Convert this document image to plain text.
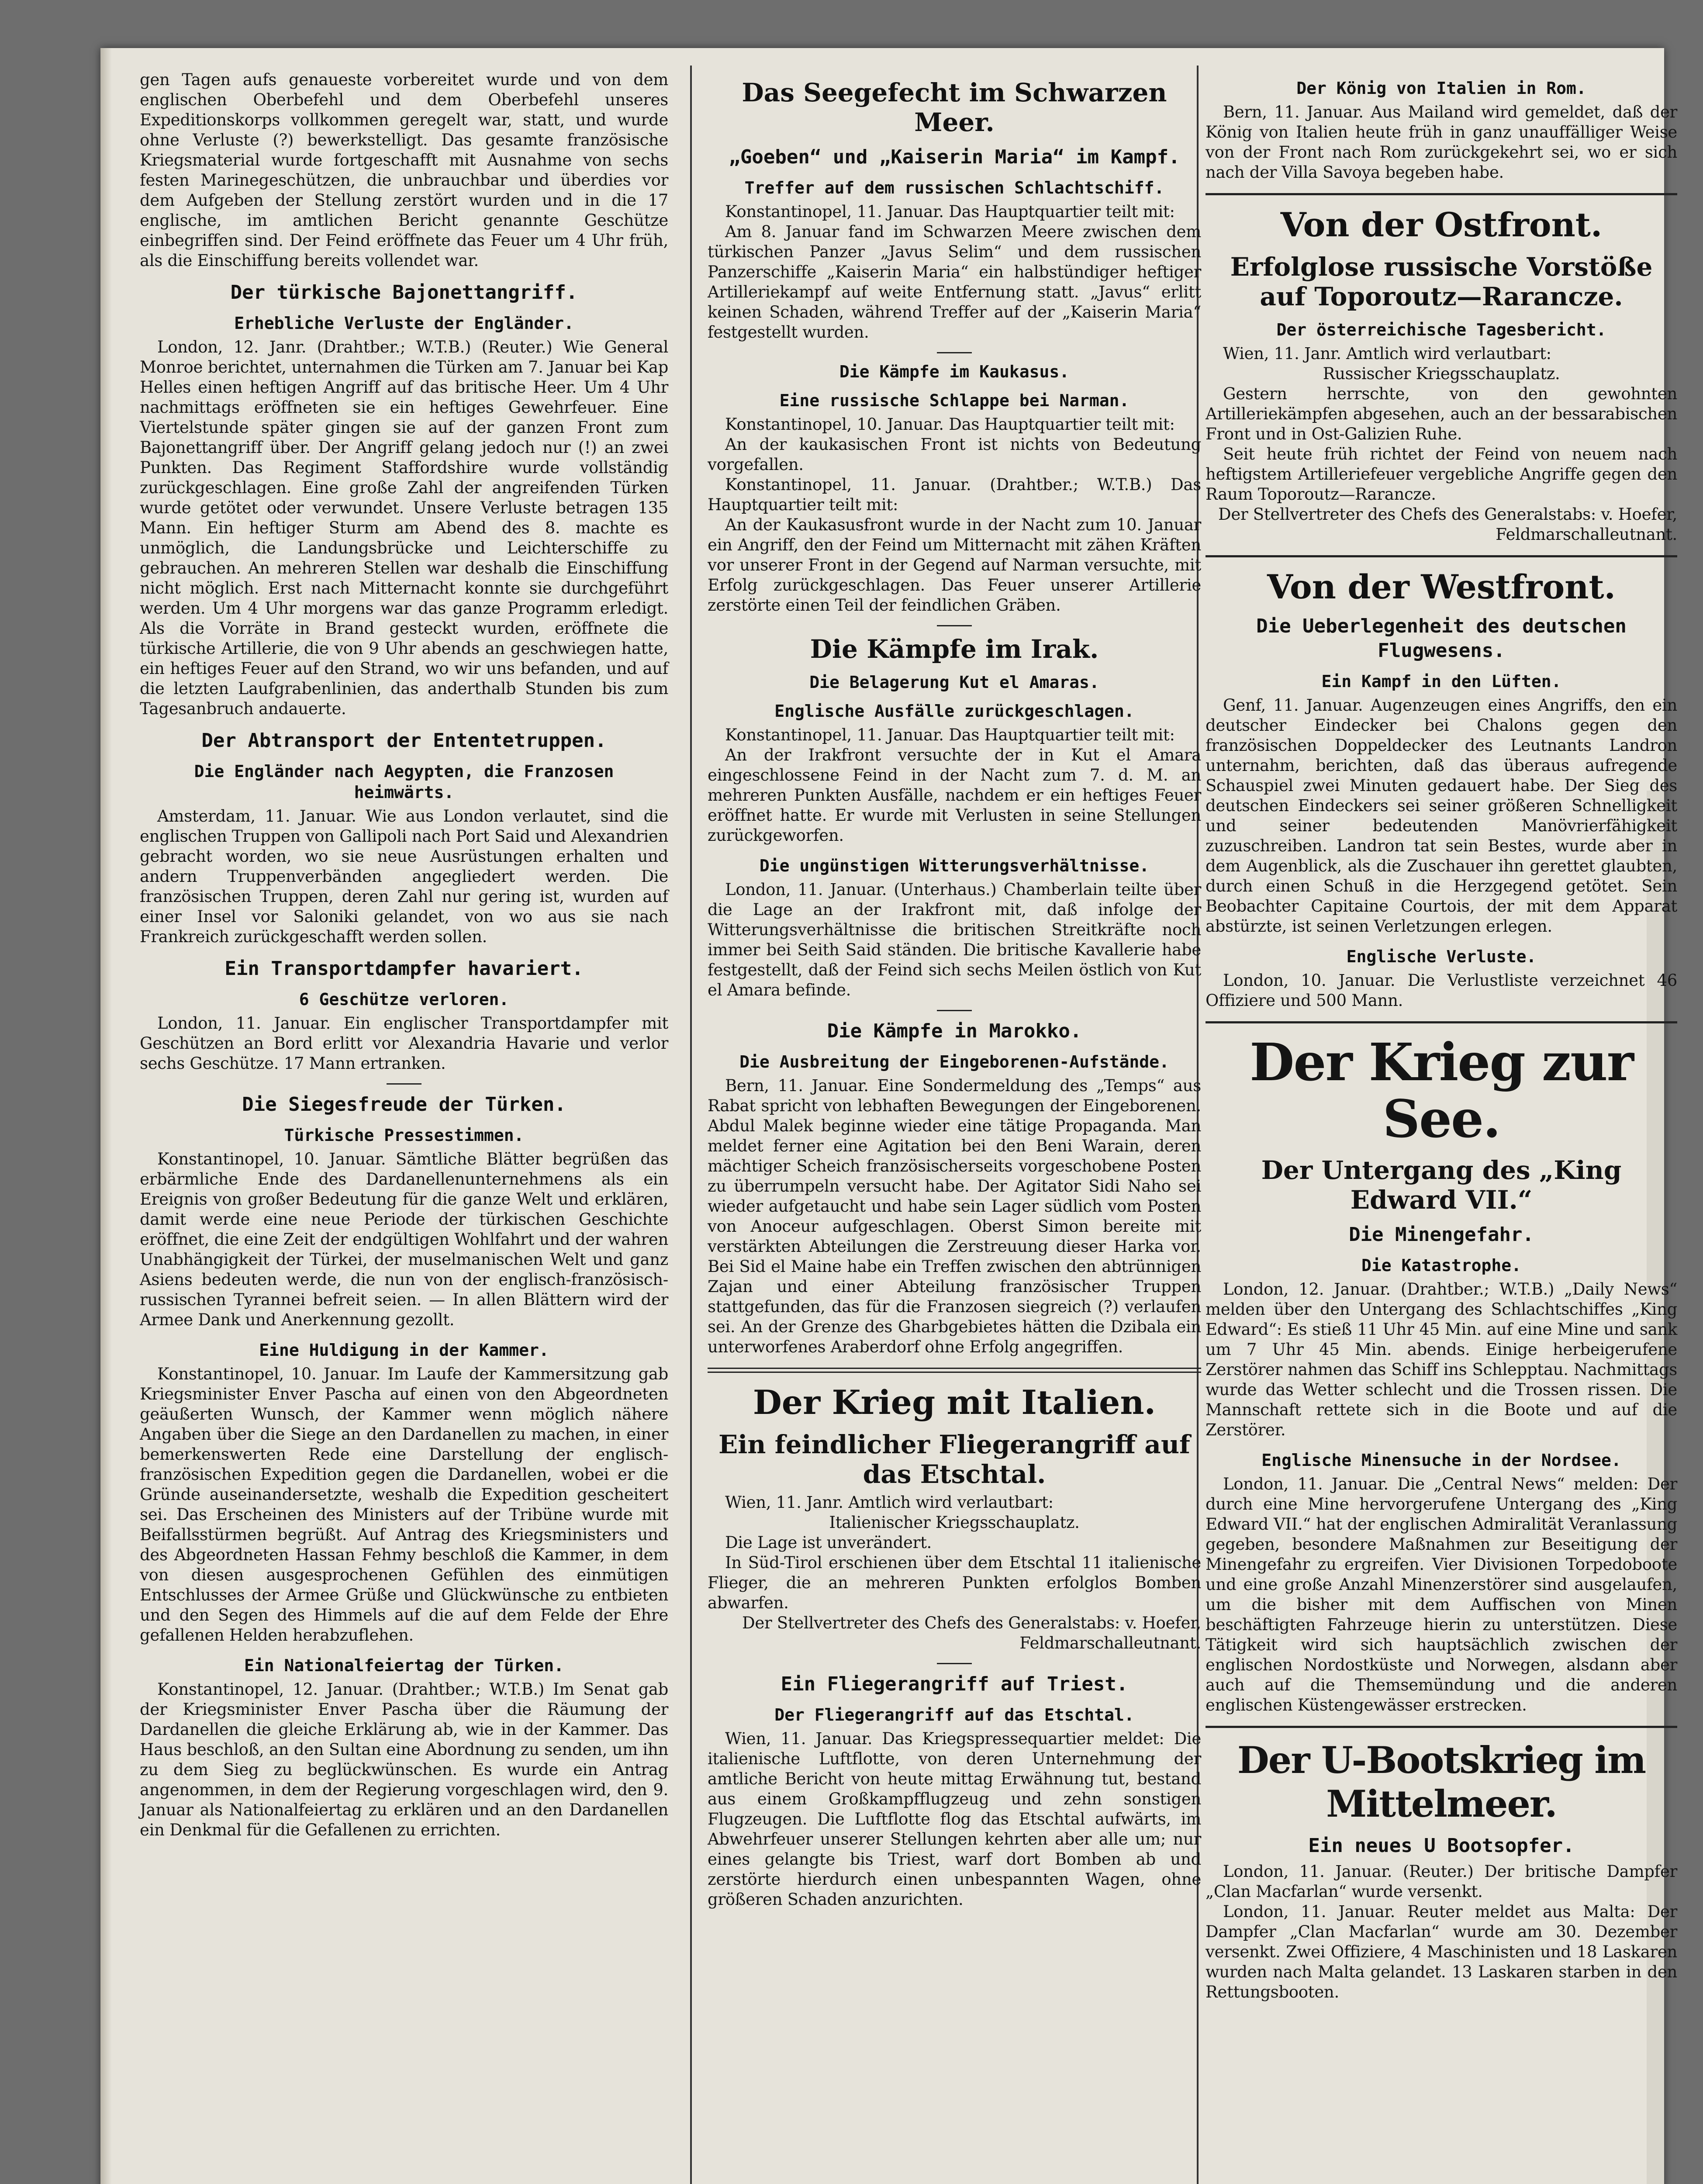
gen Tagen aufs genaueste vorbereitet wurde und von dem englischen Oberbefehl und dem Oberbefehl unseres Expeditionskorps vollkommen geregelt war, statt, und wurde ohne Verluste (?) bewerkstelligt. Das gesamte französische Kriegsmaterial wurde fortgeschafft mit Ausnahme von sechs festen Marinegeschützen, die unbrauchbar und überdies vor dem Aufgeben der Stellung zerstört wurden und in die 17 englische, im amtlichen Bericht genannte Geschütze einbegriffen sind. Der Feind eröffnete das Feuer um 4 Uhr früh, als die Einschiffung bereits vollendet war.

Der türkische Bajonettangriff.
Erhebliche Verluste der Engländer.

London, 12. Janr. (Drahtber.; W.T.B.) (Reuter.) Wie General Monroe berichtet, unternahmen die Türken am 7. Januar bei Kap Helles einen heftigen Angriff auf das britische Heer. Um 4 Uhr nachmittags eröffneten sie ein heftiges Gewehrfeuer. Eine Viertelstunde später gingen sie auf der ganzen Front zum Bajonettangriff über. Der Angriff gelang jedoch nur (!) an zwei Punkten. Das Regiment Staffordshire wurde vollständig zurückgeschlagen. Eine große Zahl der angreifenden Türken wurde getötet oder verwundet. Unsere Verluste betragen 135 Mann. Ein heftiger Sturm am Abend des 8. machte es unmöglich, die Landungsbrücke und Leichterschiffe zu gebrauchen. An mehreren Stellen war deshalb die Einschiffung nicht möglich. Erst nach Mitternacht konnte sie durchgeführt werden. Um 4 Uhr morgens war das ganze Programm erledigt. Als die Vorräte in Brand gesteckt wurden, eröffnete die türkische Artillerie, die von 9 Uhr abends an geschwiegen hatte, ein heftiges Feuer auf den Strand, wo wir uns befanden, und auf die letzten Laufgrabenlinien, das anderthalb Stunden bis zum Tagesanbruch andauerte.

Der Abtransport der Ententetruppen.
Die Engländer nach Aegypten, die Franzosen heimwärts.

Amsterdam, 11. Januar. Wie aus London verlautet, sind die englischen Truppen von Gallipoli nach Port Said und Alexandrien gebracht worden, wo sie neue Ausrüstungen erhalten und andern Truppenverbänden angegliedert werden. Die französischen Truppen, deren Zahl nur gering ist, wurden auf einer Insel vor Saloniki gelandet, von wo aus sie nach Frankreich zurückgeschafft werden sollen.

Ein Transportdampfer havariert.
6 Geschütze verloren.

London, 11. Januar. Ein englischer Transportdampfer mit Geschützen an Bord erlitt vor Alexandria Havarie und verlor sechs Geschütze. 17 Mann ertranken.

Die Siegesfreude der Türken.
Türkische Pressestimmen.

Konstantinopel, 10. Januar. Sämtliche Blätter begrüßen das erbärmliche Ende des Dardanellenunternehmens als ein Ereignis von großer Bedeutung für die ganze Welt und erklären, damit werde eine neue Periode der türkischen Geschichte eröffnet, die eine Zeit der endgültigen Wohlfahrt und der wahren Unabhängigkeit der Türkei, der muselmanischen Welt und ganz Asiens bedeuten werde, die nun von der englisch-französisch-russischen Tyrannei befreit seien. — In allen Blättern wird der Armee Dank und Anerkennung gezollt.

Eine Huldigung in der Kammer.

Konstantinopel, 10. Januar. Im Laufe der Kammersitzung gab Kriegsminister Enver Pascha auf einen von den Abgeordneten geäußerten Wunsch, der Kammer wenn möglich nähere Angaben über die Siege an den Dardanellen zu machen, in einer bemerkenswerten Rede eine Darstellung der englisch-französischen Expedition gegen die Dardanellen, wobei er die Gründe auseinandersetzte, weshalb die Expedition gescheitert sei. Das Erscheinen des Ministers auf der Tribüne wurde mit Beifallsstürmen begrüßt. Auf Antrag des Kriegsministers und des Abgeordneten Hassan Fehmy beschloß die Kammer, in dem von diesen ausgesprochenen Gefühlen des einmütigen Entschlusses der Armee Grüße und Glückwünsche zu entbieten und den Segen des Himmels auf die auf dem Felde der Ehre gefallenen Helden herabzuflehen.

Ein Nationalfeiertag der Türken.

Konstantinopel, 12. Januar. (Drahtber.; W.T.B.) Im Senat gab der Kriegsminister Enver Pascha über die Räumung der Dardanellen die gleiche Erklärung ab, wie in der Kammer. Das Haus beschloß, an den Sultan eine Abordnung zu senden, um ihn zu dem Sieg zu beglückwünschen. Es wurde ein Antrag angenommen, in dem der Regierung vorgeschlagen wird, den 9. Januar als Nationalfeiertag zu erklären und an den Dardanellen ein Denkmal für die Gefallenen zu errichten.

Das Seegefecht im Schwarzen Meer.
„Goeben“ und „Kaiserin Maria“ im Kampf.
Treffer auf dem russischen Schlachtschiff.

Konstantinopel, 11. Januar. Das Hauptquartier teilt mit:

Am 8. Januar fand im Schwarzen Meere zwischen dem türkischen Panzer „Javus Selim“ und dem russischen Panzerschiffe „Kaiserin Maria“ ein halbstündiger heftiger Artilleriekampf auf weite Entfernung statt. „Javus“ erlitt keinen Schaden, während Treffer auf der „Kaiserin Maria“ festgestellt wurden.

Die Kämpfe im Kaukasus.
Eine russische Schlappe bei Narman.

Konstantinopel, 10. Januar. Das Hauptquartier teilt mit:

An der kaukasischen Front ist nichts von Bedeutung vorgefallen.

Konstantinopel, 11. Januar. (Drahtber.; W.T.B.) Das Hauptquartier teilt mit:

An der Kaukasusfront wurde in der Nacht zum 10. Januar ein Angriff, den der Feind um Mitternacht mit zähen Kräften vor unserer Front in der Gegend auf Narman versuchte, mit Erfolg zurückgeschlagen. Das Feuer unserer Artillerie zerstörte einen Teil der feindlichen Gräben.

Die Kämpfe im Irak.
Die Belagerung Kut el Amaras.
Englische Ausfälle zurückgeschlagen.

Konstantinopel, 11. Januar. Das Hauptquartier teilt mit:

An der Irakfront versuchte der in Kut el Amara eingeschlossene Feind in der Nacht zum 7. d. M. an mehreren Punkten Ausfälle, nachdem er ein heftiges Feuer eröffnet hatte. Er wurde mit Verlusten in seine Stellungen zurückgeworfen.

Die ungünstigen Witterungsverhältnisse.

London, 11. Januar. (Unterhaus.) Chamberlain teilte über die Lage an der Irakfront mit, daß infolge der Witterungsverhältnisse die britischen Streitkräfte noch immer bei Seith Said ständen. Die britische Kavallerie habe festgestellt, daß der Feind sich sechs Meilen östlich von Kut el Amara befinde.

Die Kämpfe in Marokko.
Die Ausbreitung der Eingeborenen-Aufstände.

Bern, 11. Januar. Eine Sondermeldung des „Temps“ aus Rabat spricht von lebhaften Bewegungen der Eingeborenen. Abdul Malek beginne wieder eine tätige Propaganda. Man meldet ferner eine Agitation bei den Beni Warain, deren mächtiger Scheich französischerseits vorgeschobene Posten zu überrumpeln versucht habe. Der Agitator Sidi Naho sei wieder aufgetaucht und habe sein Lager südlich vom Posten von Anoceur aufgeschlagen. Oberst Simon bereite mit verstärkten Abteilungen die Zerstreuung dieser Harka vor. Bei Sid el Maine habe ein Treffen zwischen den abtrünnigen Zajan und einer Abteilung französischer Truppen stattgefunden, das für die Franzosen siegreich (?) verlaufen sei. An der Grenze des Gharbgebietes hätten die Dzibala ein unterworfenes Araberdorf ohne Erfolg angegriffen.

Der Krieg mit Italien.
Ein feindlicher Fliegerangriff auf das Etschtal.

Wien, 11. Janr. Amtlich wird verlautbart:

Italienischer Kriegsschauplatz.

Die Lage ist unverändert.

In Süd-Tirol erschienen über dem Etschtal 11 italienische Flieger, die an mehreren Punkten erfolglos Bomben abwarfen.

Der Stellvertreter des Chefs des Generalstabs: v. Hoefer, Feldmarschalleutnant.

Ein Fliegerangriff auf Triest.
Der Fliegerangriff auf das Etschtal.

Wien, 11. Januar. Das Kriegspressequartier meldet: Die italienische Luftflotte, von deren Unternehmung der amtliche Bericht von heute mittag Erwähnung tut, bestand aus einem Großkampfflugzeug und zehn sonstigen Flugzeugen. Die Luftflotte flog das Etschtal aufwärts, im Abwehrfeuer unserer Stellungen kehrten aber alle um; nur eines gelangte bis Triest, warf dort Bomben ab und zerstörte hierdurch einen unbespannten Wagen, ohne größeren Schaden anzurichten.

Der König von Italien in Rom.

Bern, 11. Januar. Aus Mailand wird gemeldet, daß der König von Italien heute früh in ganz unauffälliger Weise von der Front nach Rom zurückgekehrt sei, wo er sich nach der Villa Savoya begeben habe.

Von der Ostfront.
Erfolglose russische Vorstöße auf Toporoutz—Rarancze.
Der österreichische Tagesbericht.

Wien, 11. Janr. Amtlich wird verlautbart:

Russischer Kriegsschauplatz.

Gestern herrschte, von den gewohnten Artilleriekämpfen abgesehen, auch an der bessarabischen Front und in Ost-Galizien Ruhe.

Seit heute früh richtet der Feind von neuem nach heftigstem Artilleriefeuer vergebliche Angriffe gegen den Raum Toporoutz—Rarancze.

Der Stellvertreter des Chefs des Generalstabs: v. Hoefer, Feldmarschalleutnant.

Von der Westfront.
Die Ueberlegenheit des deutschen Flugwesens.
Ein Kampf in den Lüften.

Genf, 11. Januar. Augenzeugen eines Angriffs, den ein deutscher Eindecker bei Chalons gegen den französischen Doppeldecker des Leutnants Landron unternahm, berichten, daß das überaus aufregende Schauspiel zwei Minuten gedauert habe. Der Sieg des deutschen Eindeckers sei seiner größeren Schnelligkeit und seiner bedeutenden Manövrierfähigkeit zuzuschreiben. Landron tat sein Bestes, wurde aber in dem Augenblick, als die Zuschauer ihn gerettet glaubten, durch einen Schuß in die Herzgegend getötet. Sein Beobachter Capitaine Courtois, der mit dem Apparat abstürzte, ist seinen Verletzungen erlegen.

Englische Verluste.

London, 10. Januar. Die Verlustliste verzeichnet 46 Offiziere und 500 Mann.

Der Krieg zur See.
Der Untergang des „King Edward VII.“
Die Minengefahr.
Die Katastrophe.

London, 12. Januar. (Drahtber.; W.T.B.) „Daily News“ melden über den Untergang des Schlachtschiffes „King Edward“: Es stieß 11 Uhr 45 Min. auf eine Mine und sank um 7 Uhr 45 Min. abends. Einige herbeigerufene Zerstörer nahmen das Schiff ins Schlepptau. Nachmittags wurde das Wetter schlecht und die Trossen rissen. Die Mannschaft rettete sich in die Boote und auf die Zerstörer.

Englische Minensuche in der Nordsee.

London, 11. Januar. Die „Central News“ melden: Der durch eine Mine hervorgerufene Untergang des „King Edward VII.“ hat der englischen Admiralität Veranlassung gegeben, besondere Maßnahmen zur Beseitigung der Minengefahr zu ergreifen. Vier Divisionen Torpedoboote und eine große Anzahl Minenzerstörer sind ausgelaufen, um die bisher mit dem Auffischen von Minen beschäftigten Fahrzeuge hierin zu unterstützen. Diese Tätigkeit wird sich hauptsächlich zwischen der englischen Nordostküste und Norwegen, alsdann aber auch auf die Themsemündung und die anderen englischen Küstengewässer erstrecken.

Der U-Bootskrieg im Mittelmeer.
Ein neues U Bootsopfer.

London, 11. Januar. (Reuter.) Der britische Dampfer „Clan Macfarlan“ wurde versenkt.

London, 11. Januar. Reuter meldet aus Malta: Der Dampfer „Clan Macfarlan“ wurde am 30. Dezember versenkt. Zwei Offiziere, 4 Maschinisten und 18 Laskaren wurden nach Malta gelandet. 13 Laskaren starben in den Rettungsbooten.
